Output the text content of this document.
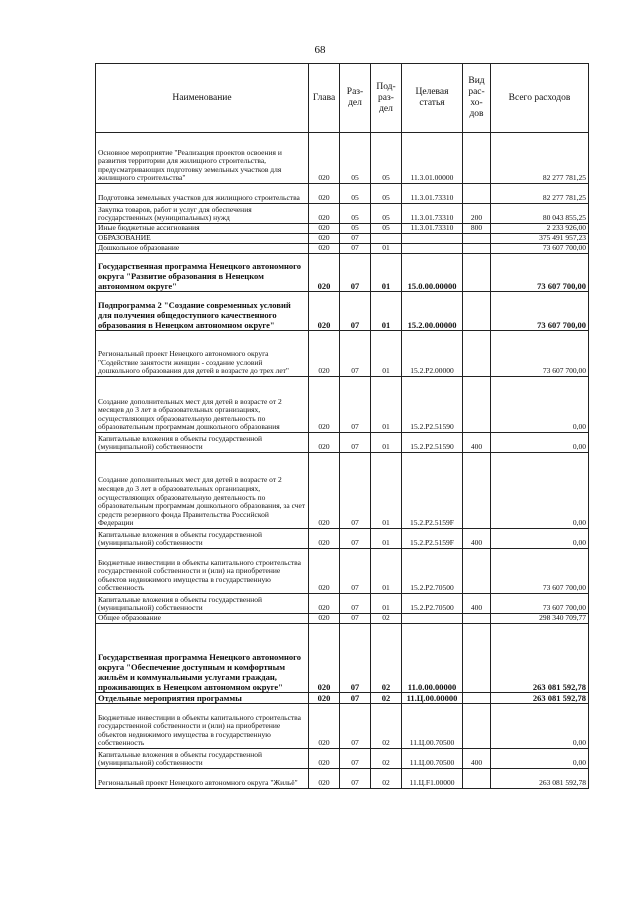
68
Наименование	Глава	Раз-дел	Под-раз-дел	Целевая статья	Вид рас-хо-дов	Всего расходов
Основное мероприятие "Реализация проектов освоения и развития территории для жилищного строительства, предусматривающих подготовку земельных участков для жилищного строительства"	020	05	05	11.3.01.00000		82 277 781,25
Подготовка земельных участков для жилищного строительства	020	05	05	11.3.01.73310		82 277 781,25
Закупка товаров, работ и услуг для обеспечения государственных (муниципальных) нужд	020	05	05	11.3.01.73310	200	80 043 855,25
Иные бюджетные ассигнования	020	05	05	11.3.01.73310	800	2 233 926,00
ОБРАЗОВАНИЕ	020	07				375 491 957,23
Дошкольное образование	020	07	01			73 607 700,00
Государственная программа Ненецкого автономного округа "Развитие образования в Ненецком автономном округе"	020	07	01	15.0.00.00000		73 607 700,00
Подпрограмма 2 "Создание современных условий для получения общедоступного качественного образования в Ненецком автономном округе"	020	07	01	15.2.00.00000		73 607 700,00
Региональный проект Ненецкого автономного округа "Содействие занятости женщин - создание условий дошкольного образования для детей в возрасте до трех лет"	020	07	01	15.2.P2.00000		73 607 700,00
Создание дополнительных мест для детей в возрасте от 2 месяцев до 3 лет в образовательных организациях, осуществляющих образовательную деятельность по образовательным программам дошкольного образования	020	07	01	15.2.P2.51590		0,00
Капитальные вложения в объекты государственной (муниципальной) собственности	020	07	01	15.2.P2.51590	400	0,00
Создание дополнительных мест для детей в возрасте от 2 месяцев до 3 лет в образовательных организациях, осуществляющих образовательную деятельность по образовательным программам дошкольного образования, за счет средств резервного фонда Правительства Российской Федерации	020	07	01	15.2.P2.5159F		0,00
Капитальные вложения в объекты государственной (муниципальной) собственности	020	07	01	15.2.P2.5159F	400	0,00
Бюджетные инвестиции в объекты капитального строительства государственной собственности и (или) на приобретение объектов недвижимого имущества в государственную собственность	020	07	01	15.2.P2.70500		73 607 700,00
Капитальные вложения в объекты государственной (муниципальной) собственности	020	07	01	15.2.P2.70500	400	73 607 700,00
Общее образование	020	07	02			298 340 709,77
Государственная программа Ненецкого автономного округа "Обеспечение доступным и комфортным жильём и коммунальными услугами граждан, проживающих в Ненецком автономном округе"	020	07	02	11.0.00.00000		263 081 592,78
Отдельные мероприятия программы	020	07	02	11.Ц.00.00000		263 081 592,78
Бюджетные инвестиции в объекты капитального строительства государственной собственности и (или) на приобретение объектов недвижимого имущества в государственную собственность	020	07	02	11.Ц.00.70500		0,00
Капитальные вложения в объекты государственной (муниципальной) собственности	020	07	02	11.Ц.00.70500	400	0,00
Региональный проект Ненецкого автономного округа "Жильё"	020	07	02	11.Ц.F1.00000		263 081 592,78
